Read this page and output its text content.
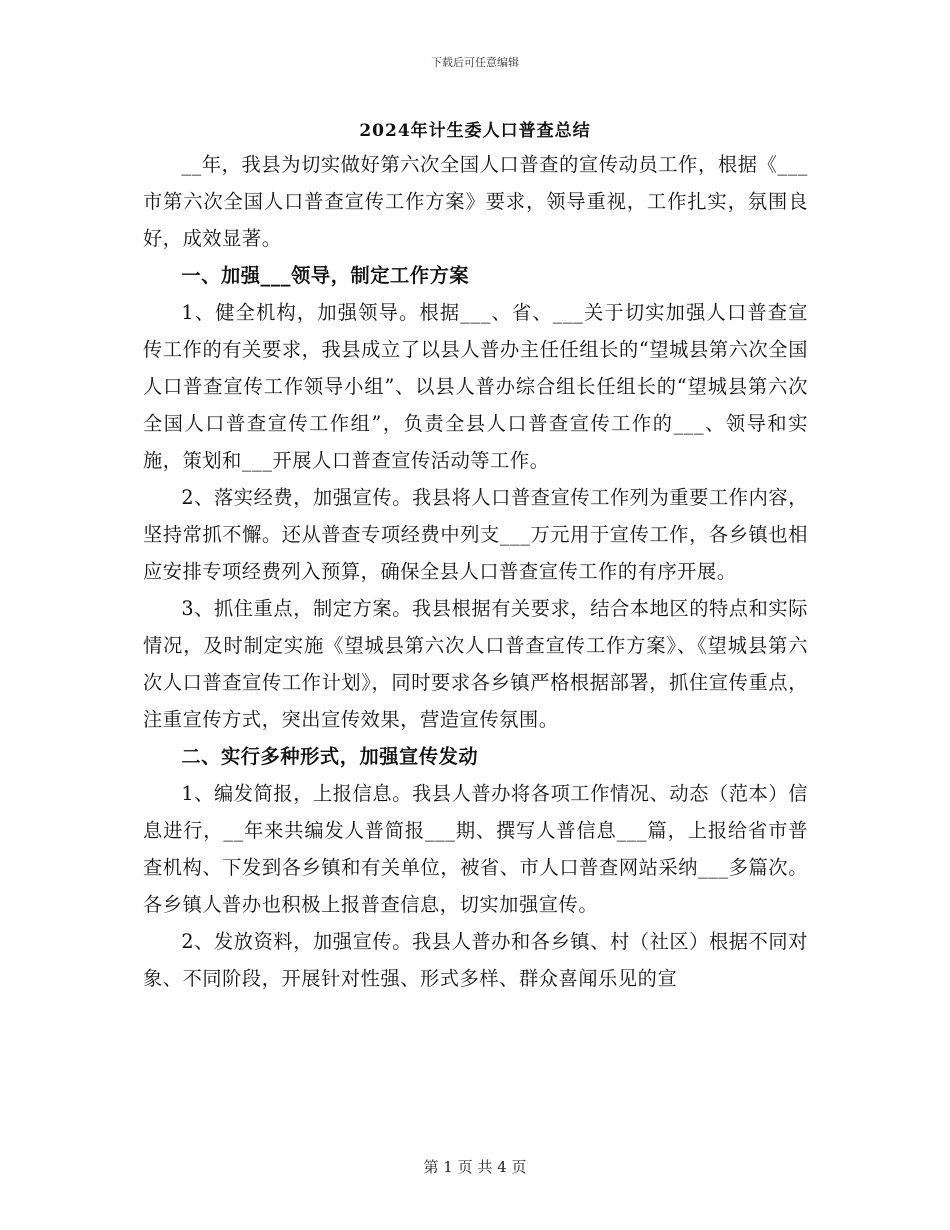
下载后可任意编辑
2024年计生委人口普查总结

__年，我县为切实做好第六次全国人口普查的宣传动员工作，根据《___市第六次全国人口普查宣传工作方案》要求，领导重视，工作扎实，氛围良好，成效显著。

一、加强___领导，制定工作方案

1、健全机构，加强领导。根据___、省、___关于切实加强人口普查宣传工作的有关要求，我县成立了以县人普办主任任组长的“望城县第六次全国人口普查宣传工作领导小组”、以县人普办综合组长任组长的“望城县第六次全国人口普查宣传工作组”，负责全县人口普查宣传工作的___、领导和实施，策划和___开展人口普查宣传活动等工作。

2、落实经费，加强宣传。我县将人口普查宣传工作列为重要工作内容，坚持常抓不懈。还从普查专项经费中列支___万元用于宣传工作，各乡镇也相应安排专项经费列入预算，确保全县人口普查宣传工作的有序开展。

3、抓住重点，制定方案。我县根据有关要求，结合本地区的特点和实际情况，及时制定实施《望城县第六次人口普查宣传工作方案》、《望城县第六次人口普查宣传工作计划》，同时要求各乡镇严格根据部署，抓住宣传重点，注重宣传方式，突出宣传效果，营造宣传氛围。

二、实行多种形式，加强宣传发动

1、编发简报，上报信息。我县人普办将各项工作情况、动态（范本）信息进行，__年来共编发人普简报___期、撰写人普信息___篇，上报给省市普查机构、下发到各乡镇和有关单位，被省、市人口普查网站采纳___多篇次。各乡镇人普办也积极上报普查信息，切实加强宣传。

2、发放资料，加强宣传。我县人普办和各乡镇、村（社区）根据不同对象、不同阶段，开展针对性强、形式多样、群众喜闻乐见的宣

第 1 页 共 4 页
